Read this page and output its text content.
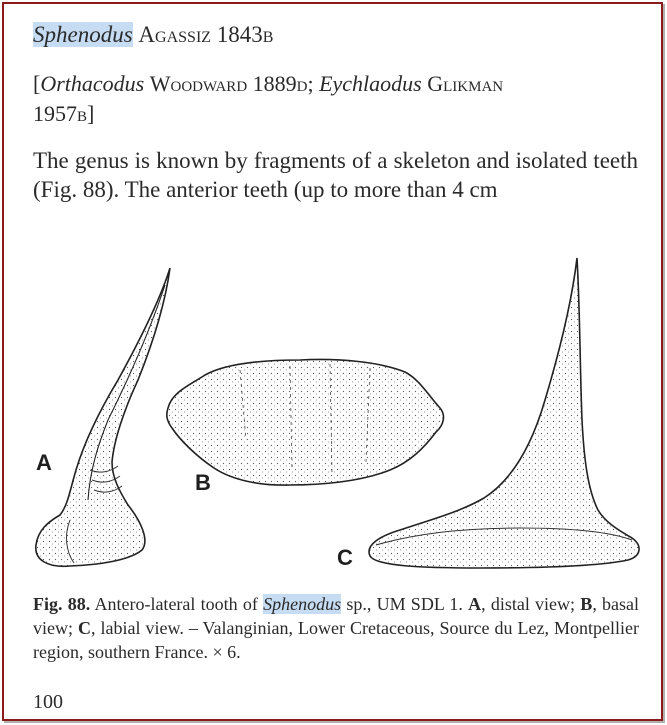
Sphenodus Agassiz 1843b
[Orthacodus Woodward 1889d; Eychlaodus Glikman
1957b]
The genus is known by fragments of a skeleton and isolated teeth (Fig. 88). The anterior teeth (up to more than 4 cm
A
B
C
Fig. 88. Antero-lateral tooth of Sphenodus sp., UM SDL 1. A, distal view; B, basal view; C, labial view. – Valanginian, Lower Cretaceous, Source du Lez, Montpellier region, southern France. × 6.
100
